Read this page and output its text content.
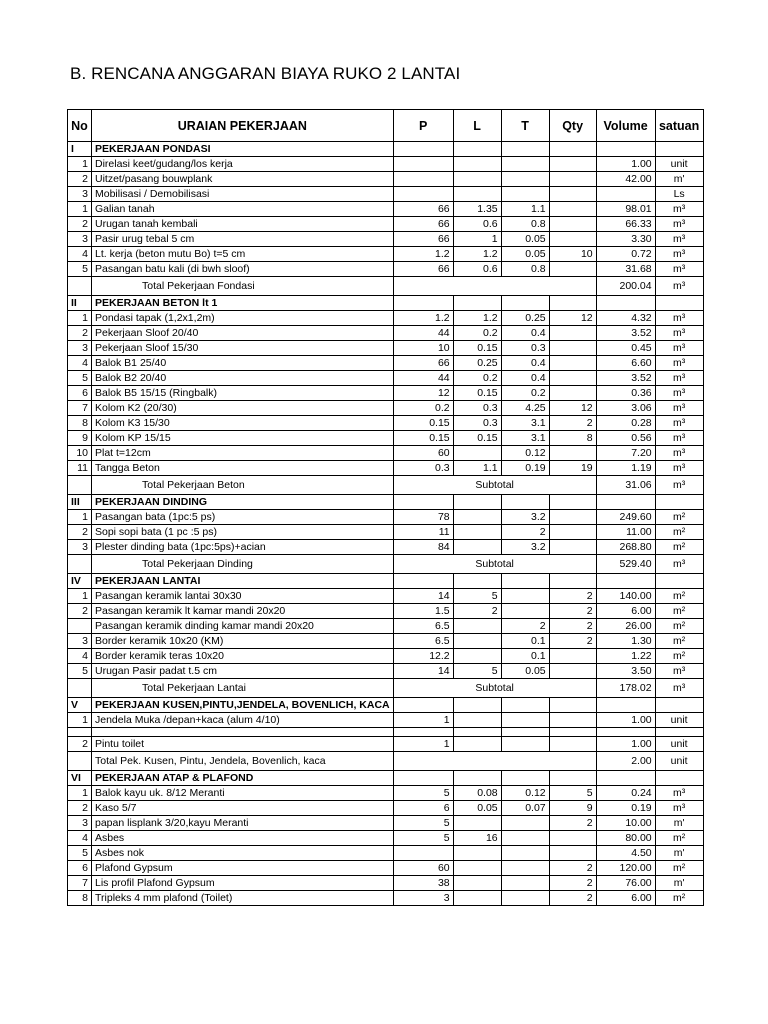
B. RENCANA ANGGARAN BIAYA RUKO 2 LANTAI
No	URAIAN PEKERJAAN	P	L	T	Qty	Volume	satuan
I	PEKERJAAN PONDASI						
1	Direlasi keet/gudang/los kerja					1.00	unit
2	Uitzet/pasang bouwplank					42.00	m'
3	Mobilisasi / Demobilisasi						Ls
1	Galian tanah	66	1.35	1.1		98.01	m³
2	Urugan tanah kembali	66	0.6	0.8		66.33	m³
3	Pasir urug tebal 5 cm	66	1	0.05		3.30	m³
4	Lt. kerja (beton mutu Bo) t=5 cm	1.2	1.2	0.05	10	0.72	m³
5	Pasangan batu kali (di bwh sloof)	66	0.6	0.8		31.68	m³
	Total Pekerjaan Fondasi					200.04	m³
II	PEKERJAAN BETON lt 1						
1	Pondasi tapak (1,2x1,2m)	1.2	1.2	0.25	12	4.32	m³
2	Pekerjaan Sloof 20/40	44	0.2	0.4		3.52	m³
3	Pekerjaan Sloof 15/30	10	0.15	0.3		0.45	m³
4	Balok B1 25/40	66	0.25	0.4		6.60	m³
5	Balok B2 20/40	44	0.2	0.4		3.52	m³
6	Balok B5 15/15 (Ringbalk)	12	0.15	0.2		0.36	m³
7	Kolom K2 (20/30)	0.2	0.3	4.25	12	3.06	m³
8	Kolom K3 15/30	0.15	0.3	3.1	2	0.28	m³
9	Kolom KP 15/15	0.15	0.15	3.1	8	0.56	m³
10	Plat t=12cm	60		0.12		7.20	m³
11	Tangga Beton	0.3	1.1	0.19	19	1.19	m³
	Total Pekerjaan Beton	Subtotal				31.06	m³
III	PEKERJAAN DINDING						
1	Pasangan bata (1pc:5 ps)	78		3.2		249.60	m²
2	Sopi sopi bata (1 pc :5 ps)	11		2		11.00	m²
3	Plester dinding bata (1pc:5ps)+acian	84		3.2		268.80	m²
	Total Pekerjaan Dinding	Subtotal				529.40	m³
IV	PEKERJAAN LANTAI						
1	Pasangan keramik lantai 30x30	14	5		2	140.00	m²
2	Pasangan keramik lt kamar mandi 20x20	1.5	2		2	6.00	m²
	Pasangan keramik dinding kamar mandi 20x20	6.5		2	2	26.00	m²
3	Border keramik 10x20 (KM)	6.5		0.1	2	1.30	m²
4	Border keramik teras 10x20	12.2		0.1		1.22	m²
5	Urugan Pasir padat t.5 cm	14	5	0.05		3.50	m³
	Total Pekerjaan Lantai	Subtotal				178.02	m³
V	PEKERJAAN KUSEN,PINTU,JENDELA, BOVENLICH, KACA						
1	Jendela Muka /depan+kaca (alum 4/10)	1				1.00	unit

2	Pintu toilet	1				1.00	unit
	Total Pek. Kusen, Pintu, Jendela, Bovenlich, kaca					2.00	unit
VI	PEKERJAAN ATAP & PLAFOND						
1	Balok kayu uk. 8/12 Meranti	5	0.08	0.12	5	0.24	m³
2	Kaso 5/7	6	0.05	0.07	9	0.19	m³
3	papan lisplank 3/20,kayu Meranti	5			2	10.00	m'
4	Asbes	5	16			80.00	m²
5	Asbes nok					4.50	m'
6	Plafond Gypsum	60			2	120.00	m²
7	Lis profil Plafond Gypsum	38			2	76.00	m'
8	Tripleks 4 mm plafond (Toilet)	3			2	6.00	m²
